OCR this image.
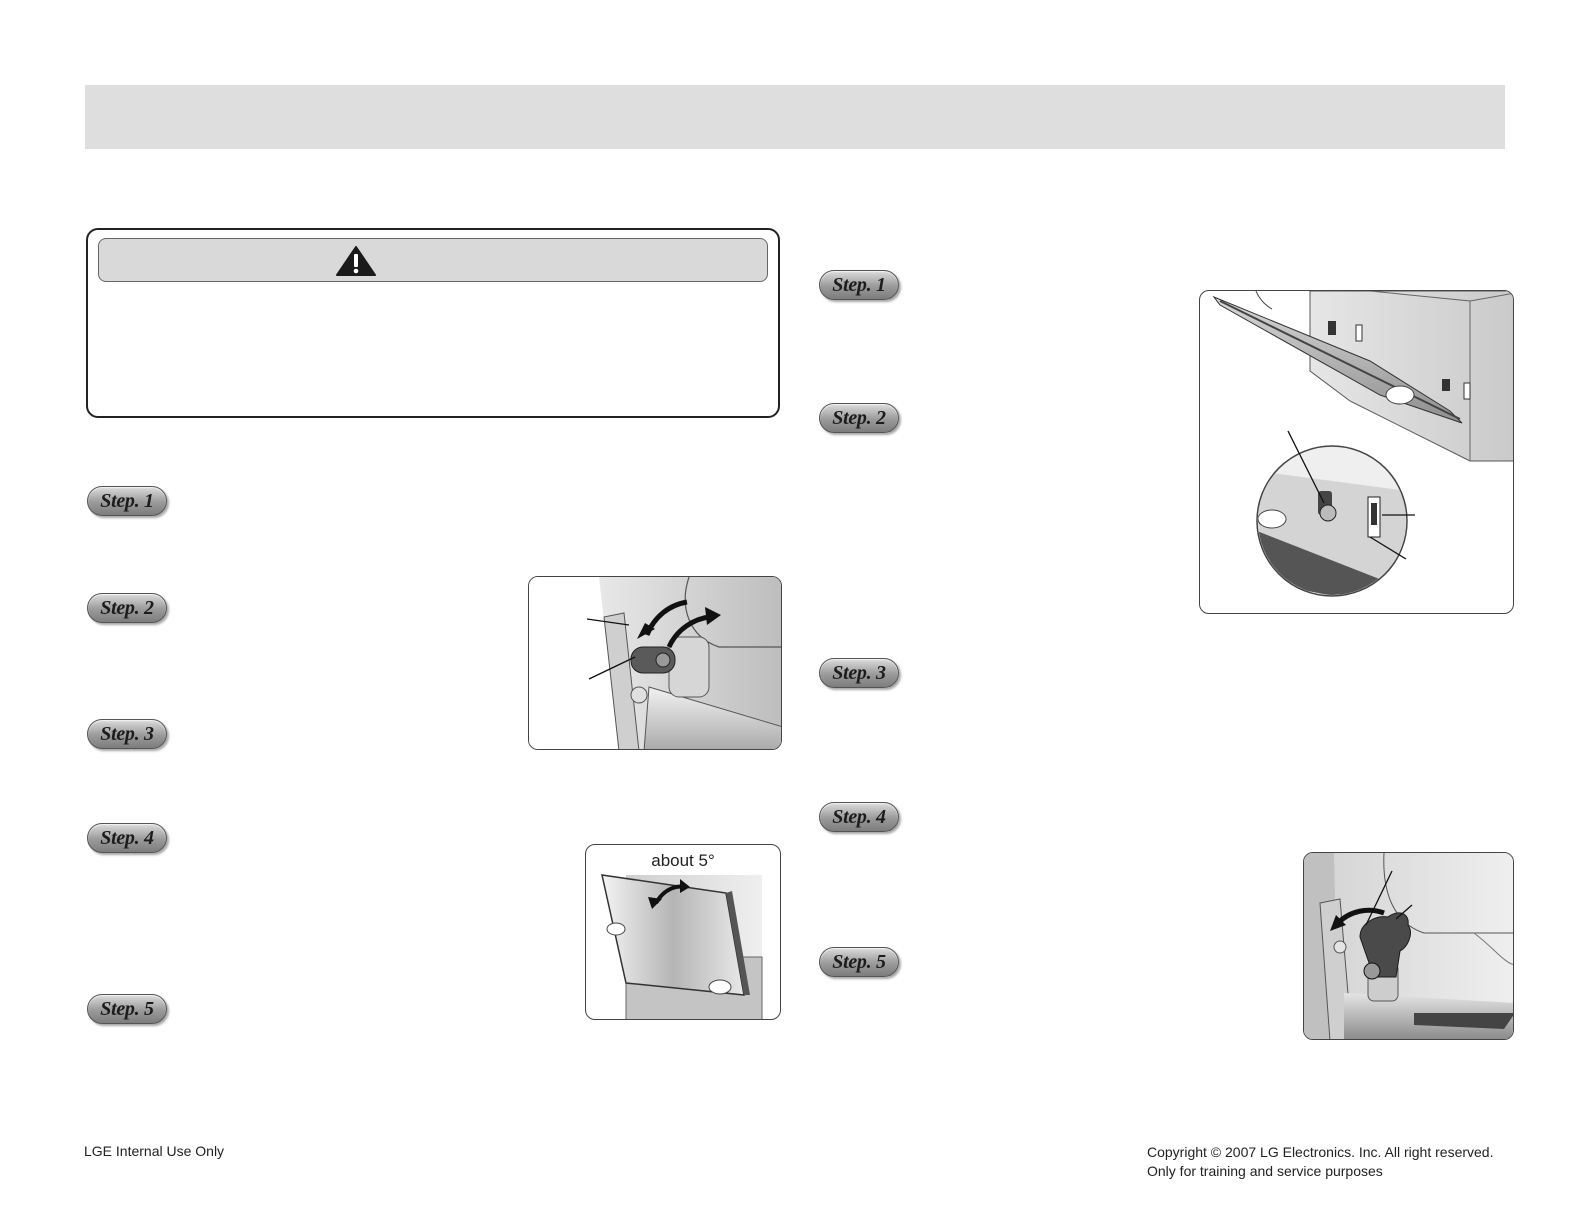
Step. 1
Step. 2
Step. 3
Step. 4
Step. 5
Step. 1
Step. 2
Step. 3
Step. 4
Step. 5
about 5°
LGE Internal Use Only	Copyright © 2007 LG Electronics. Inc. All right reserved.
Only for training and service purposes
